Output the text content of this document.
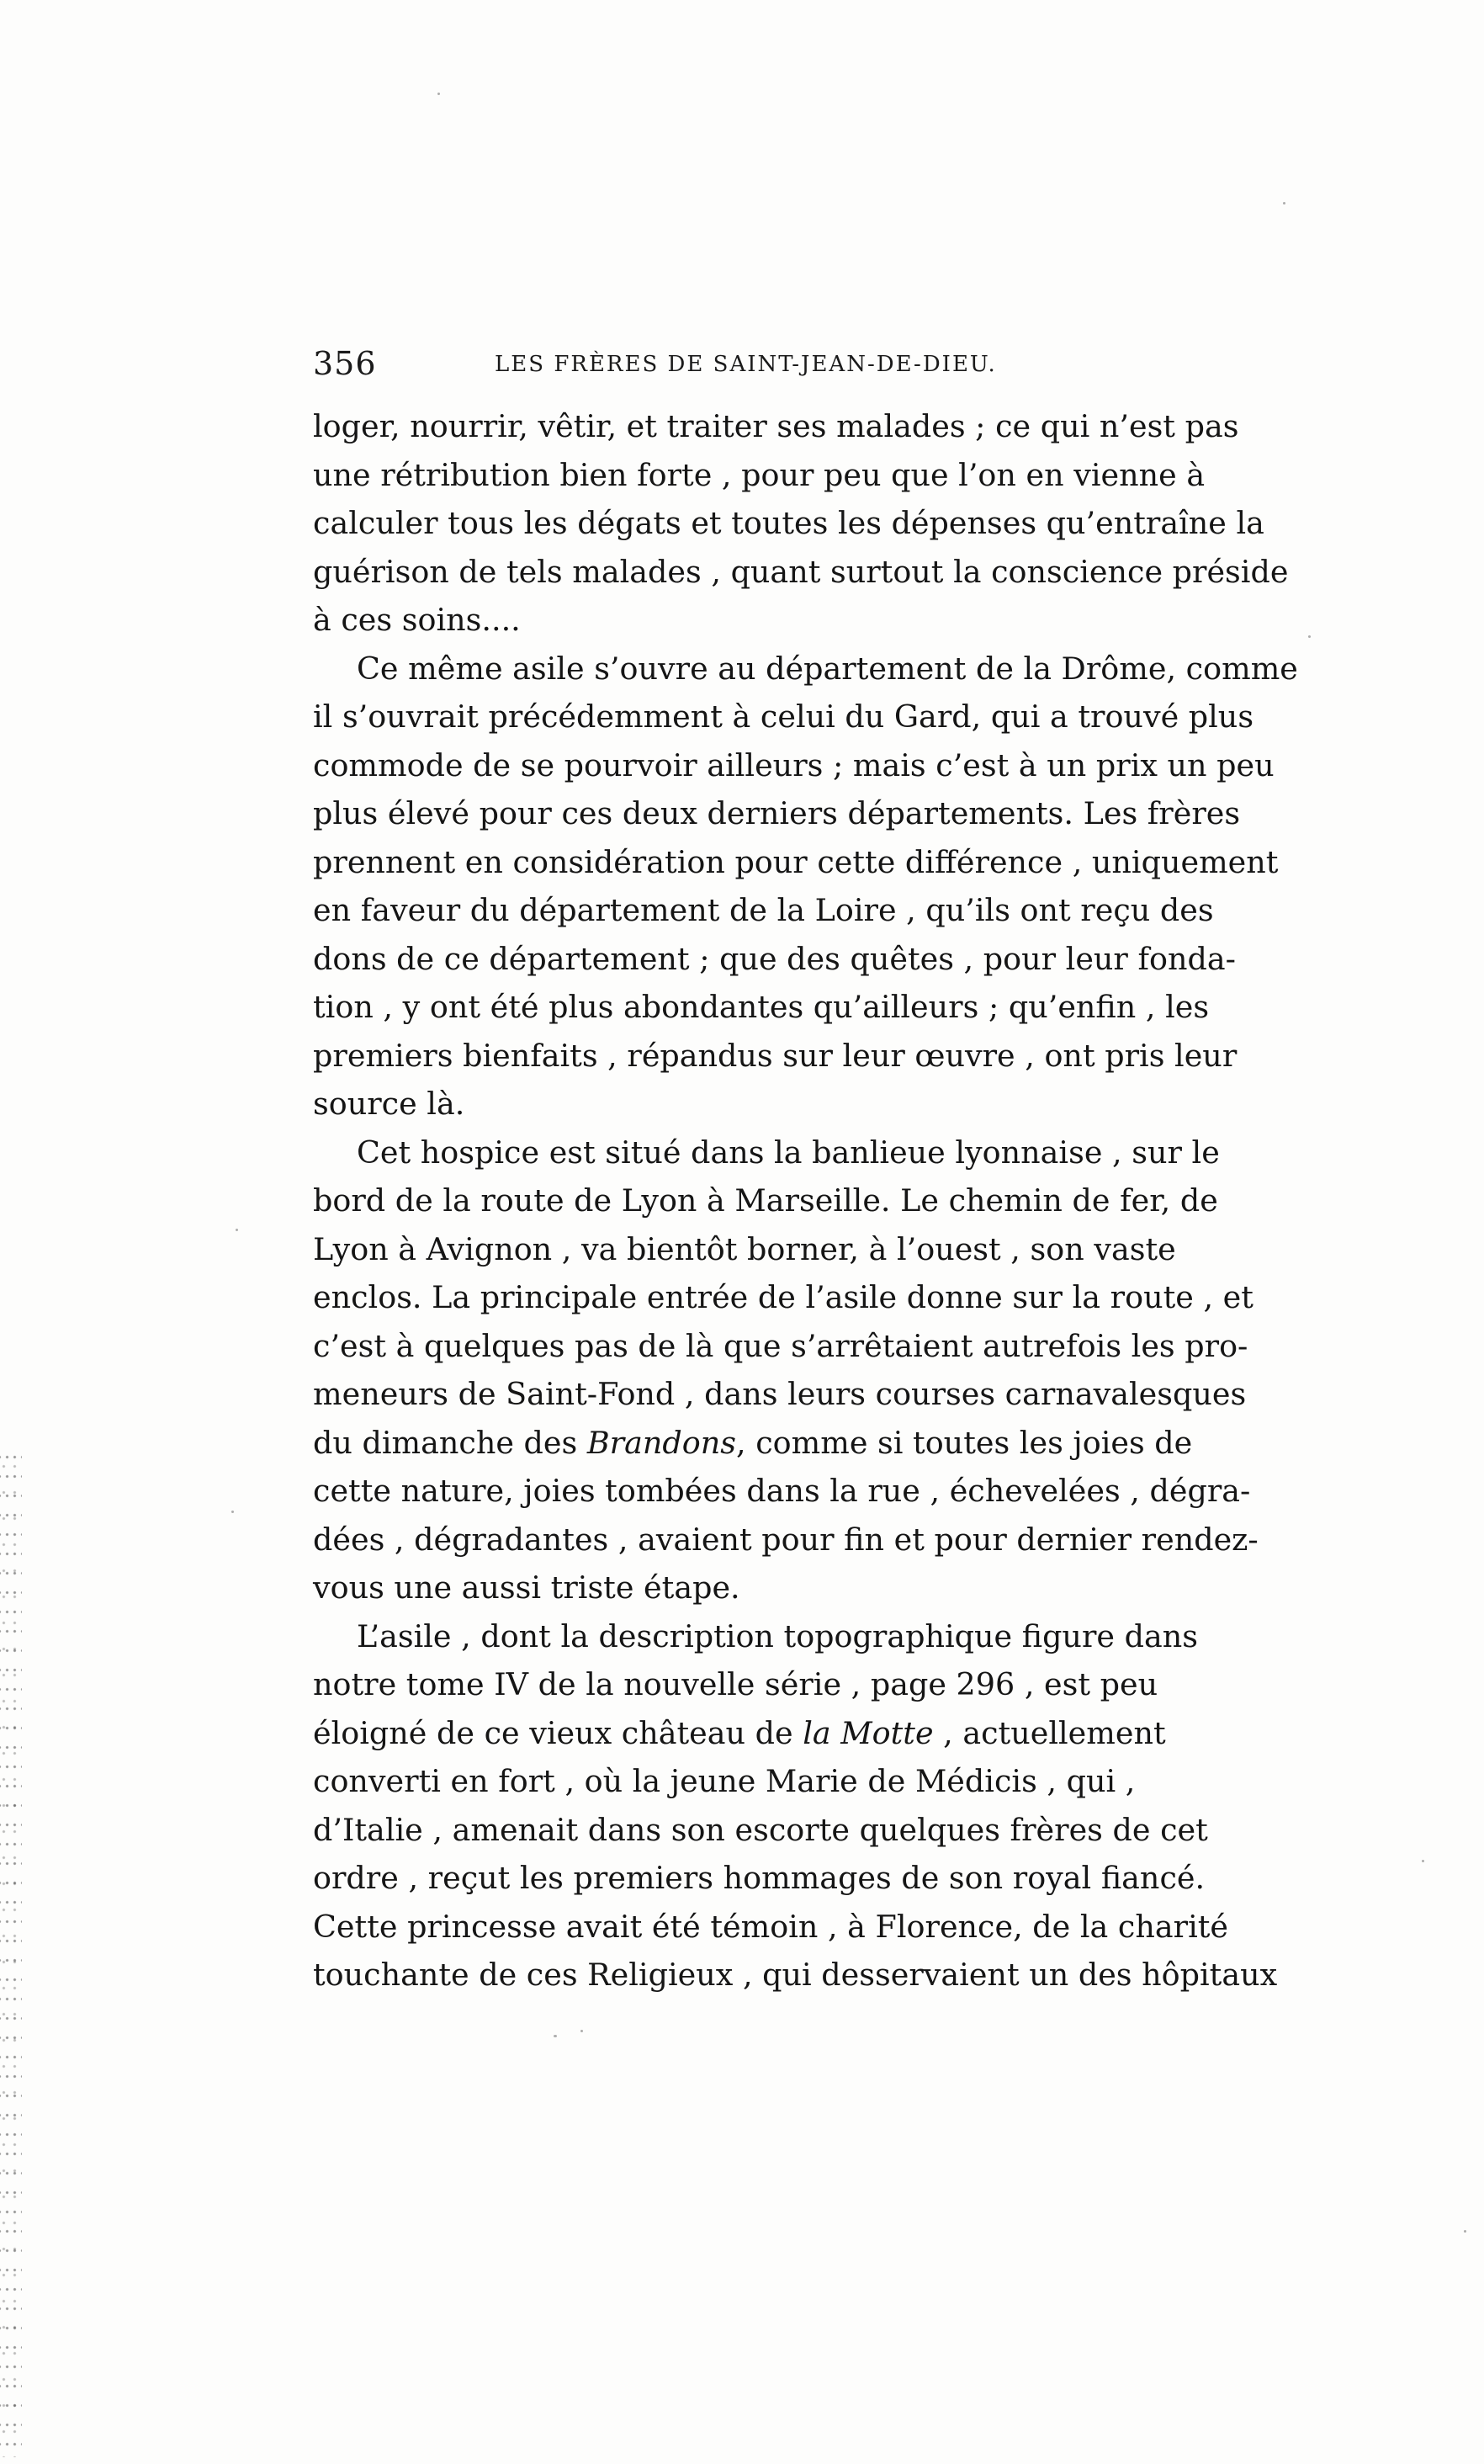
356	LES FRÈRES DE SAINT-JEAN-DE-DIEU.
loger, nourrir, vêtir, et traiter ses malades ; ce qui n’est pas
une rétribution bien forte , pour peu que l’on en vienne à
calculer tous les dégats et toutes les dépenses qu’entraîne la
guérison de tels malades , quant surtout la conscience préside
à ces soins....
Ce même asile s’ouvre au département de la Drôme, comme
il s’ouvrait précédemment à celui du Gard, qui a trouvé plus
commode de se pourvoir ailleurs ; mais c’est à un prix un peu
plus élevé pour ces deux derniers départements. Les frères
prennent en considération pour cette différence , uniquement
en faveur du département de la Loire , qu’ils ont reçu des
dons de ce département ; que des quêtes , pour leur fonda-
tion , y ont été plus abondantes qu’ailleurs ; qu’enfin , les
premiers bienfaits , répandus sur leur œuvre , ont pris leur
source là.
Cet hospice est situé dans la banlieue lyonnaise , sur le
bord de la route de Lyon à Marseille. Le chemin de fer, de
Lyon à Avignon , va bientôt borner, à l’ouest , son vaste
enclos. La principale entrée de l’asile donne sur la route , et
c’est à quelques pas de là que s’arrêtaient autrefois les pro-
meneurs de Saint-Fond , dans leurs courses carnavalesques
du dimanche des Brandons, comme si toutes les joies de
cette nature, joies tombées dans la rue , échevelées , dégra-
dées , dégradantes , avaient pour fin et pour dernier rendez-
vous une aussi triste étape.
L’asile , dont la description topographique figure dans
notre tome IV de la nouvelle série , page 296 , est peu
éloigné de ce vieux château de la Motte , actuellement
converti en fort , où la jeune Marie de Médicis , qui ,
d’Italie , amenait dans son escorte quelques frères de cet
ordre , reçut les premiers hommages de son royal fiancé.
Cette princesse avait été témoin , à Florence, de la charité
touchante de ces Religieux , qui desservaient un des hôpitaux
